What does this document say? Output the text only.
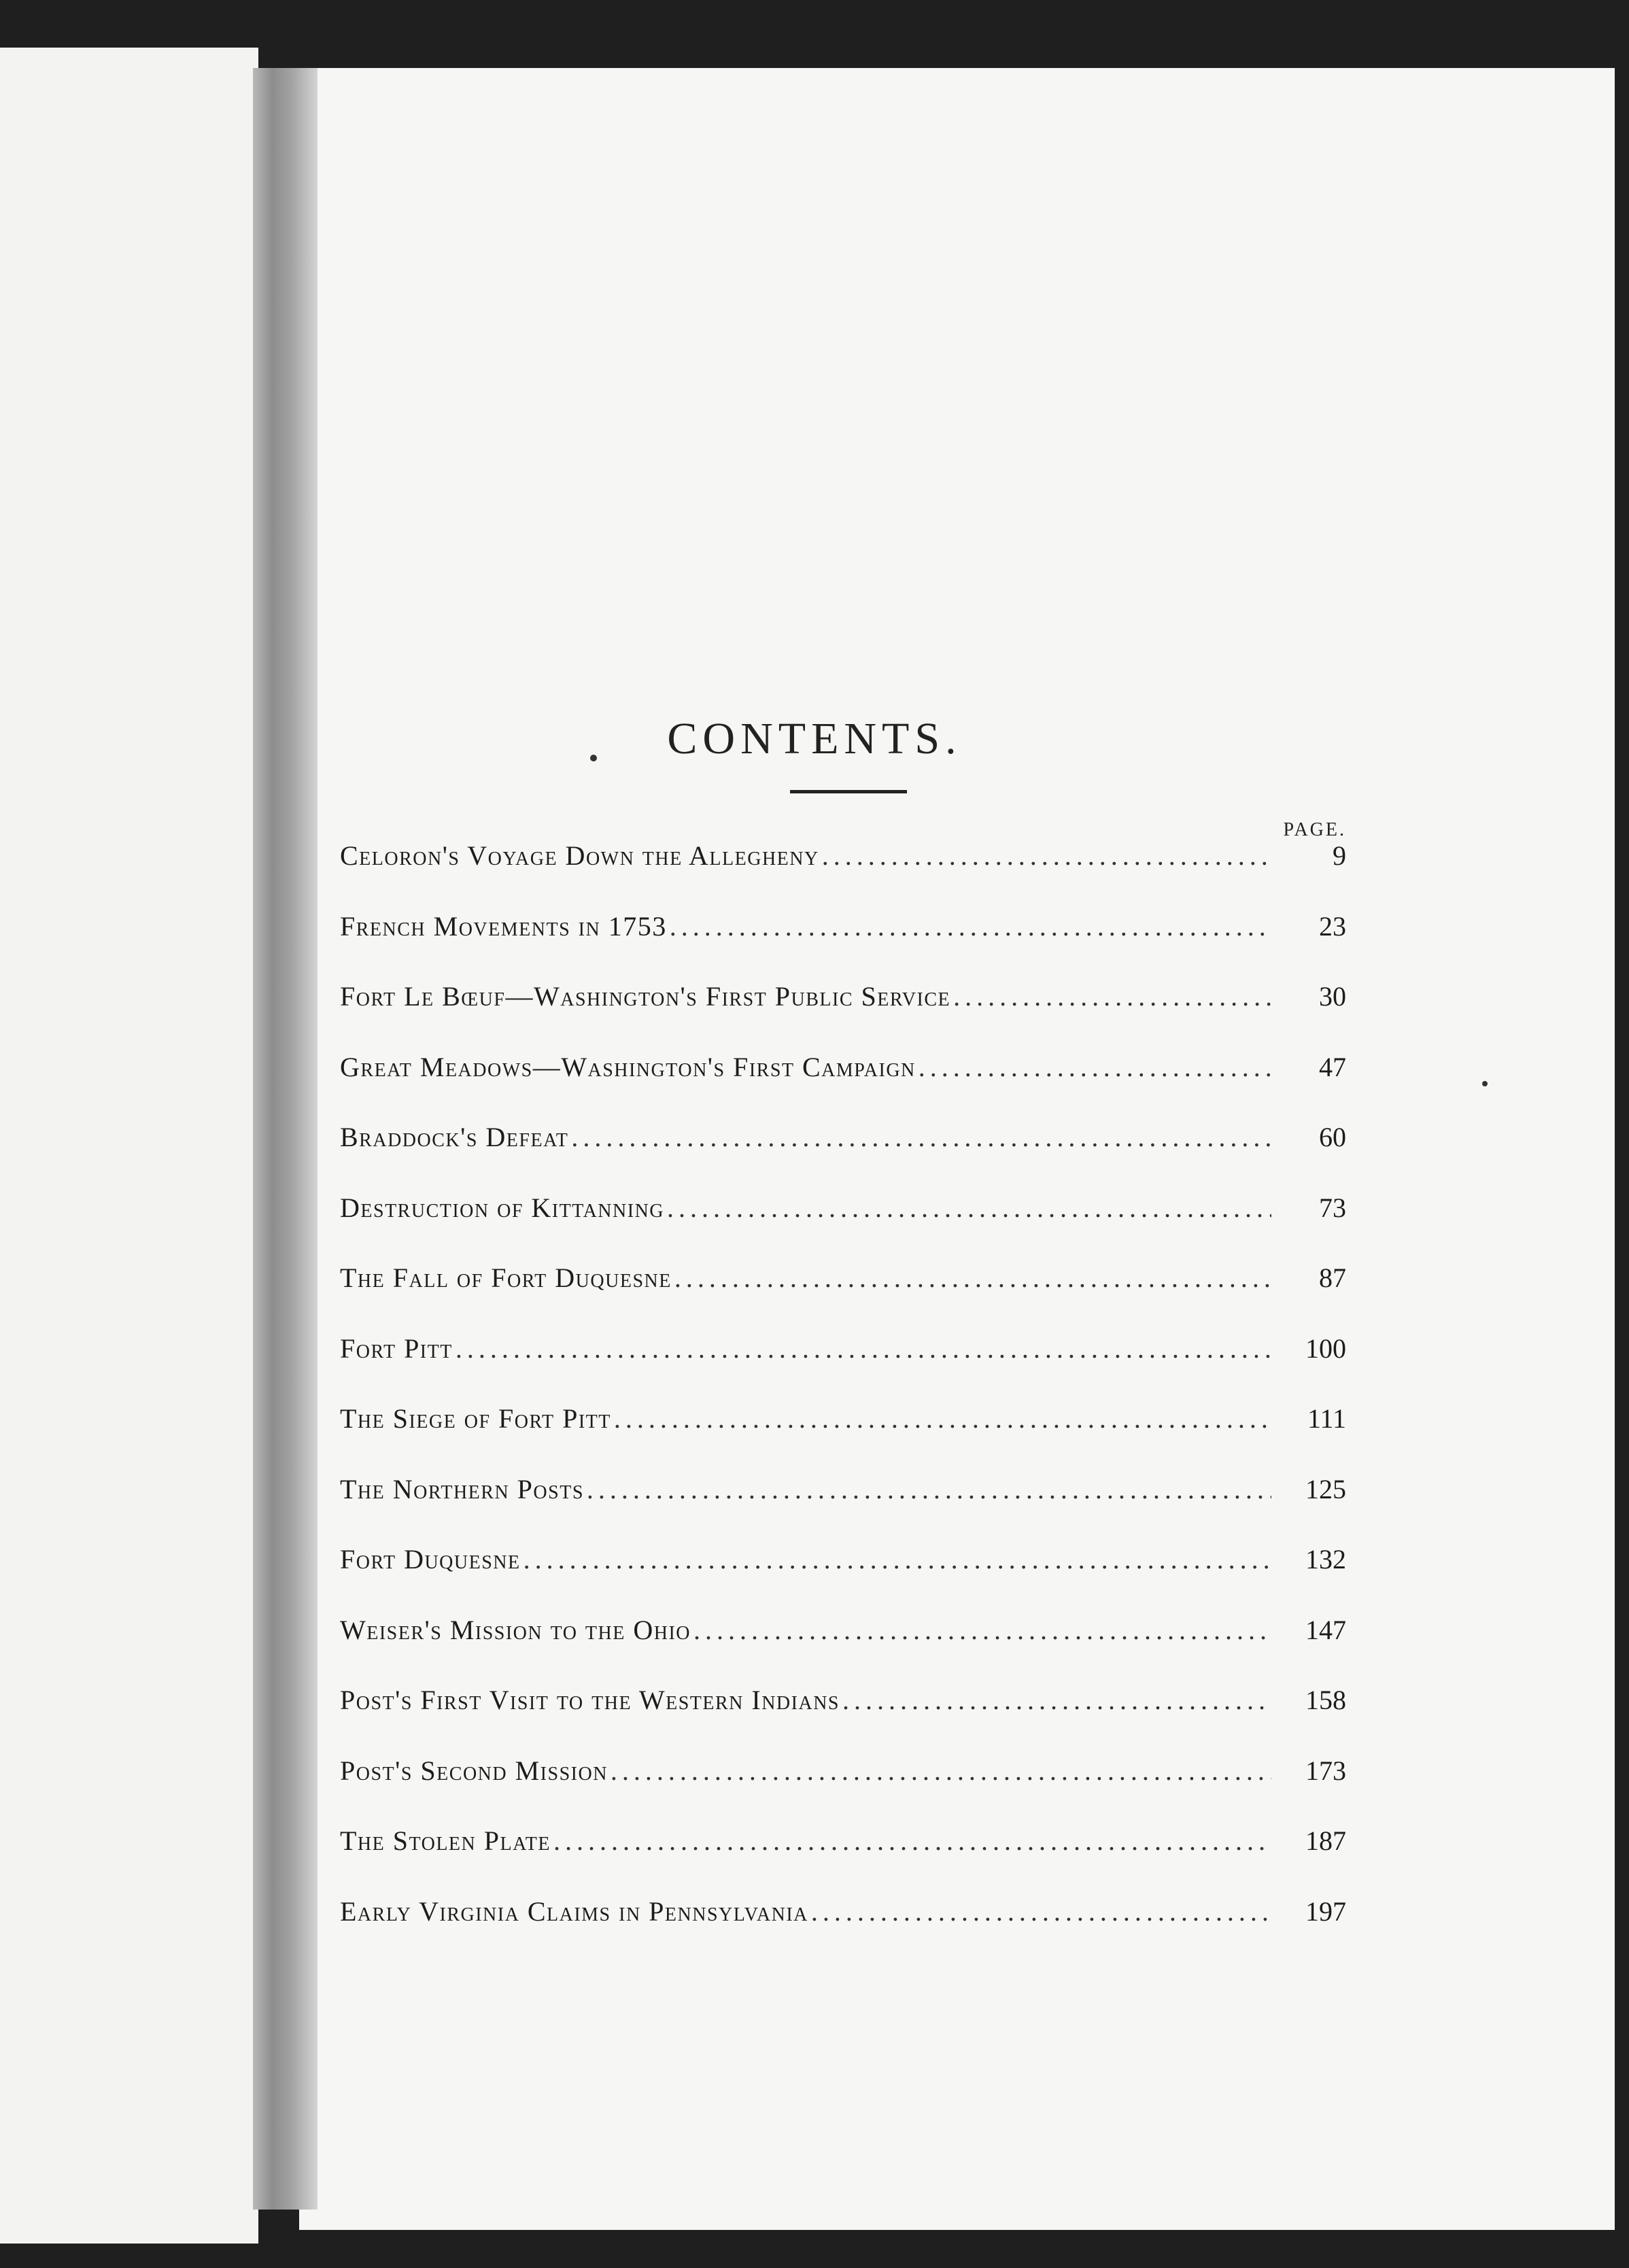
CONTENTS.
PAGE.
Celoron's Voyage Down the Allegheny .....	9
French Movements in 1753 .....	23
Fort Le Bœuf—Washington's First Public Service .....	30
Great Meadows—Washington's First Campaign .....	47
Braddock's Defeat .....	60
Destruction of Kittanning .....	73
The Fall of Fort Duquesne .....	87
Fort Pitt .....	100
The Siege of Fort Pitt .....	111
The Northern Posts .....	125
Fort Duquesne .....	132
Weiser's Mission to the Ohio .....	147
Post's First Visit to the Western Indians .....	158
Post's Second Mission .....	173
The Stolen Plate .....	187
Early Virginia Claims in Pennsylvania .....	197
